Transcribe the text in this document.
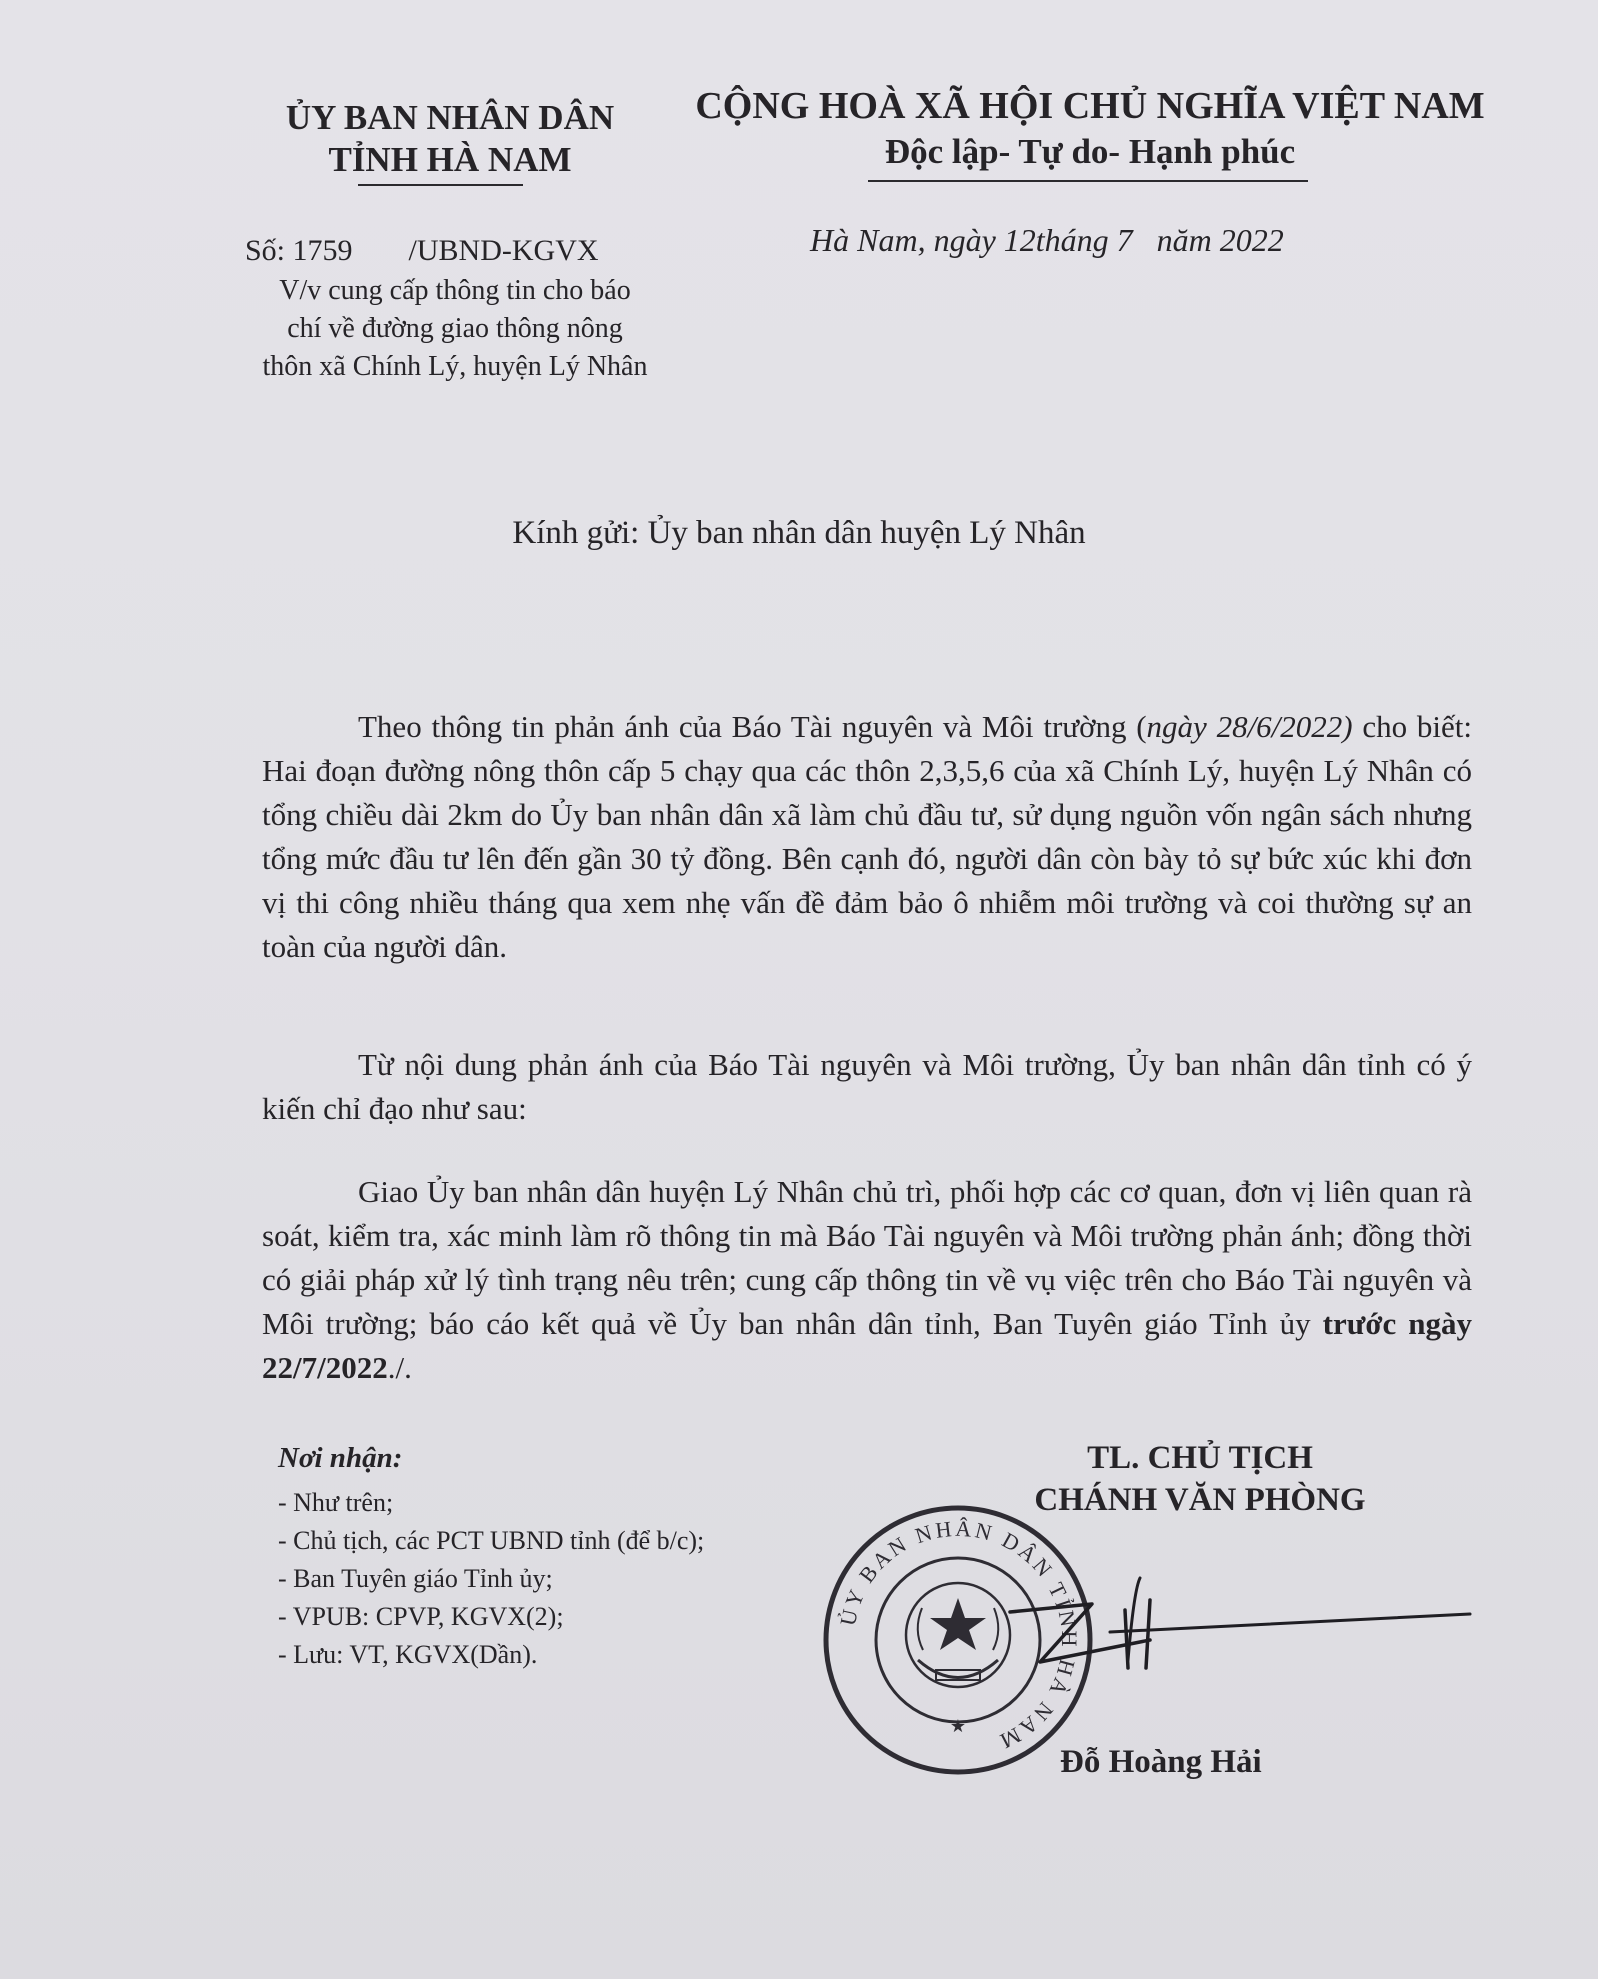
ỦY BAN NHÂN DÂN
TỈNH HÀ NAM
CỘNG HOÀ XÃ HỘI CHỦ NGHĨA VIỆT NAM
Độc lập- Tự do- Hạnh phúc
Số: 1759 /UBND-KGVX
V/v cung cấp thông tin cho báo
chí về đường giao thông nông
thôn xã Chính Lý, huyện Lý Nhân
Hà Nam, ngày 12tháng 7 năm 2022
Kính gửi: Ủy ban nhân dân huyện Lý Nhân

Theo thông tin phản ánh của Báo Tài nguyên và Môi trường (ngày 28/6/2022) cho biết: Hai đoạn đường nông thôn cấp 5 chạy qua các thôn 2,3,5,6 của xã Chính Lý, huyện Lý Nhân có tổng chiều dài 2km do Ủy ban nhân dân xã làm chủ đầu tư, sử dụng nguồn vốn ngân sách nhưng tổng mức đầu tư lên đến gần 30 tỷ đồng. Bên cạnh đó, người dân còn bày tỏ sự bức xúc khi đơn vị thi công nhiều tháng qua xem nhẹ vấn đề đảm bảo ô nhiễm môi trường và coi thường sự an toàn của người dân.

Từ nội dung phản ánh của Báo Tài nguyên và Môi trường, Ủy ban nhân dân tỉnh có ý kiến chỉ đạo như sau:

Giao Ủy ban nhân dân huyện Lý Nhân chủ trì, phối hợp các cơ quan, đơn vị liên quan rà soát, kiểm tra, xác minh làm rõ thông tin mà Báo Tài nguyên và Môi trường phản ánh; đồng thời có giải pháp xử lý tình trạng nêu trên; cung cấp thông tin về vụ việc trên cho Báo Tài nguyên và Môi trường; báo cáo kết quả về Ủy ban nhân dân tỉnh, Ban Tuyên giáo Tỉnh ủy trước ngày 22/7/2022./.

Nơi nhận:
- Như trên;
- Chủ tịch, các PCT UBND tỉnh (để b/c);
- Ban Tuyên giáo Tỉnh ủy;
- VPUB: CPVP, KGVX(2);
- Lưu: VT, KGVX(Dần).
TL. CHỦ TỊCH
CHÁNH VĂN PHÒNG
ỦY BAN NHÂN DÂN TỈNH HÀ NAM
★
Đỗ Hoàng Hải
